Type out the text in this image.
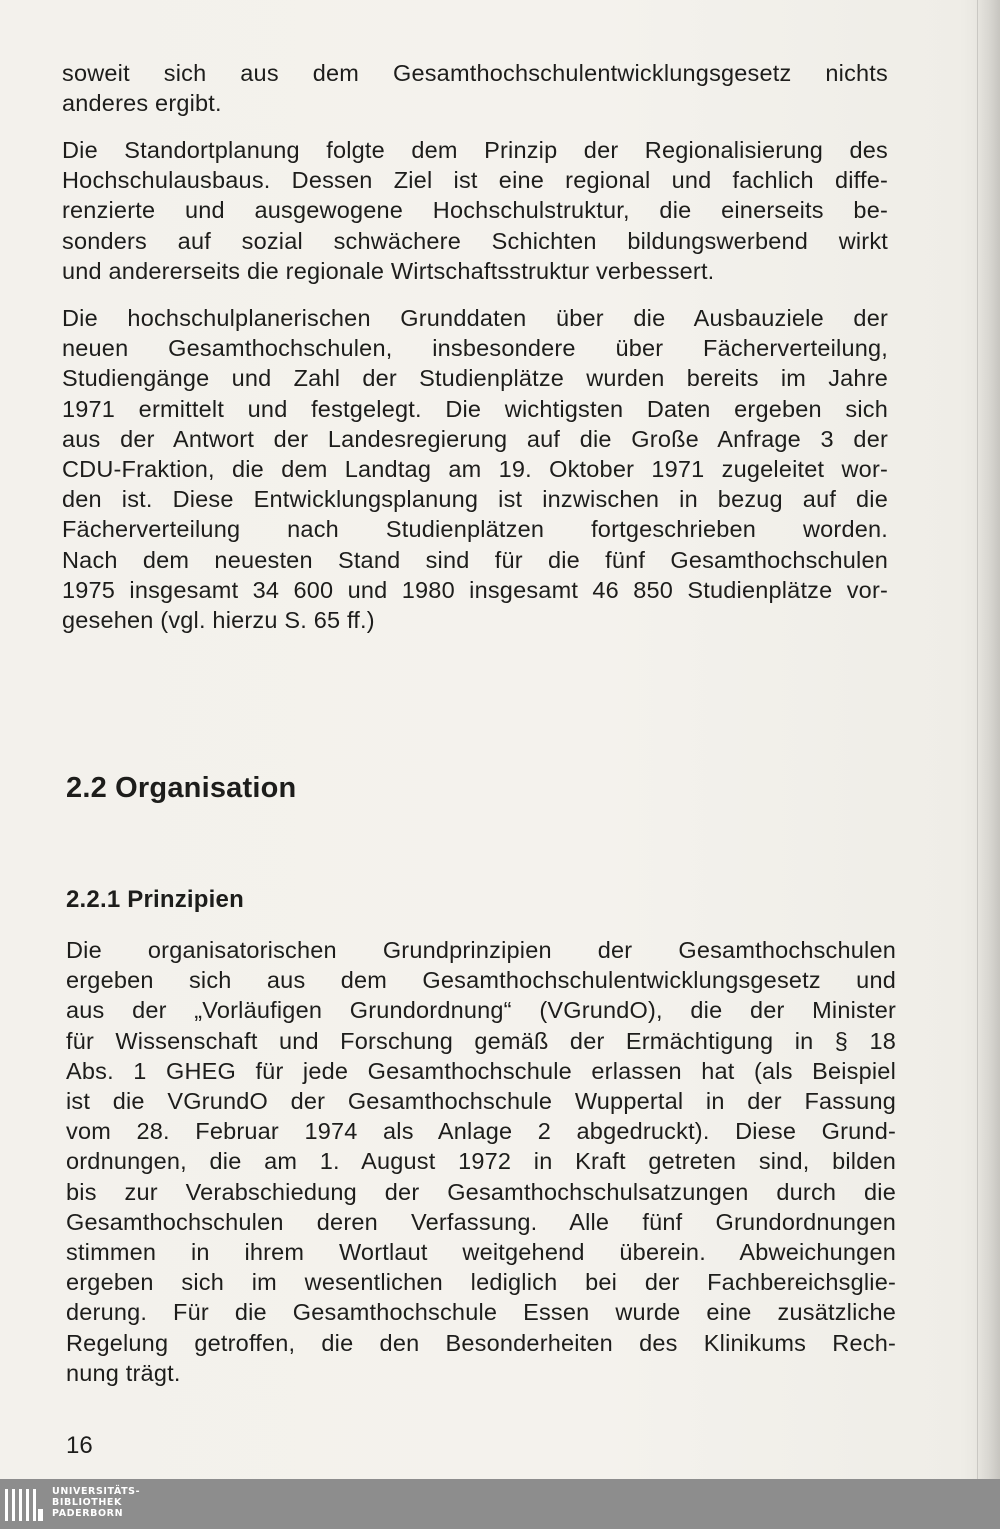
soweit sich aus dem Gesamthochschulentwicklungsgesetz nichts
anderes ergibt.
Die Standortplanung folgte dem Prinzip der Regionalisierung des
Hochschulausbaus. Dessen Ziel ist eine regional und fachlich diffe-
renzierte und ausgewogene Hochschulstruktur, die einerseits be-
sonders auf sozial schwächere Schichten bildungswerbend wirkt
und andererseits die regionale Wirtschaftsstruktur verbessert.
Die hochschulplanerischen Grunddaten über die Ausbauziele der
neuen Gesamthochschulen, insbesondere über Fächerverteilung,
Studiengänge und Zahl der Studienplätze wurden bereits im Jahre
1971 ermittelt und festgelegt. Die wichtigsten Daten ergeben sich
aus der Antwort der Landesregierung auf die Große Anfrage 3 der
CDU-Fraktion, die dem Landtag am 19. Oktober 1971 zugeleitet wor-
den ist. Diese Entwicklungsplanung ist inzwischen in bezug auf die
Fächerverteilung nach Studienplätzen fortgeschrieben worden.
Nach dem neuesten Stand sind für die fünf Gesamthochschulen
1975 insgesamt 34 600 und 1980 insgesamt 46 850 Studienplätze vor-
gesehen (vgl. hierzu S. 65 ff.)
2.2 Organisation
2.2.1 Prinzipien
Die organisatorischen Grundprinzipien der Gesamthochschulen
ergeben sich aus dem Gesamthochschulentwicklungsgesetz und
aus der „Vorläufigen Grundordnung“ (VGrundO), die der Minister
für Wissenschaft und Forschung gemäß der Ermächtigung in § 18
Abs. 1 GHEG für jede Gesamthochschule erlassen hat (als Beispiel
ist die VGrundO der Gesamthochschule Wuppertal in der Fassung
vom 28. Februar 1974 als Anlage 2 abgedruckt). Diese Grund-
ordnungen, die am 1. August 1972 in Kraft getreten sind, bilden
bis zur Verabschiedung der Gesamthochschulsatzungen durch die
Gesamthochschulen deren Verfassung. Alle fünf Grundordnungen
stimmen in ihrem Wortlaut weitgehend überein. Abweichungen
ergeben sich im wesentlichen lediglich bei der Fachbereichsglie-
derung. Für die Gesamthochschule Essen wurde eine zusätzliche
Regelung getroffen, die den Besonderheiten des Klinikums Rech-
nung trägt.
16
UNIVERSITÄTS-
BIBLIOTHEK
PADERBORN
